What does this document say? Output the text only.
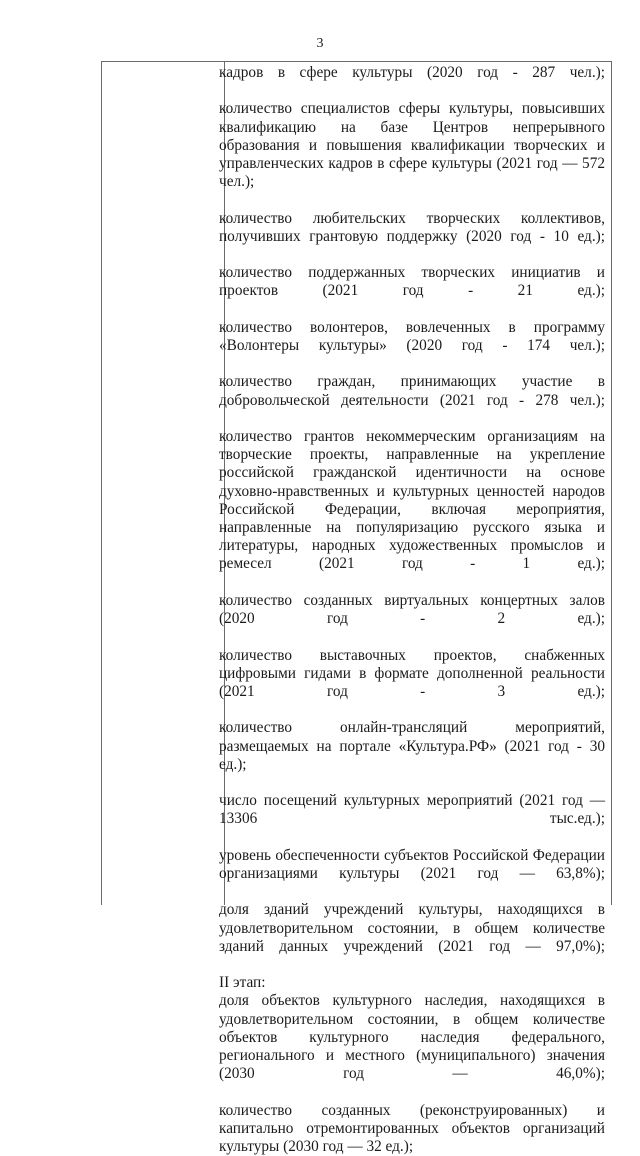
3

кадров в сфере культуры (2020 год - 287 чел.);

количество специалистов сферы культуры, повысивших квалификацию на базе Центров непрерывного образования и повышения квалификации творческих и управленческих кадров в сфере культуры (2021 год — 572 чел.);

количество любительских творческих коллективов, получивших грантовую поддержку (2020 год - 10 ед.);

количество поддержанных творческих инициатив и проектов (2021 год - 21 ед.);

количество волонтеров, вовлеченных в программу «Волонтеры культуры» (2020 год - 174 чел.);

количество граждан, принимающих участие в добровольческой деятельности (2021 год - 278 чел.);

количество грантов некоммерческим организациям на творческие проекты, направленные на укрепление российской гражданской идентичности на основе духовно-нравственных и культурных ценностей народов Российской Федерации, включая мероприятия, направленные на популяризацию русского языка и литературы, народных художественных промыслов и ремесел (2021 год - 1 ед.);

количество созданных виртуальных концертных залов (2020 год - 2 ед.);

количество выставочных проектов, снабженных цифровыми гидами в формате дополненной реальности (2021 год - 3 ед.);

количество онлайн-трансляций мероприятий, размещаемых на портале «Культура.РФ» (2021 год - 30 ед.);

число посещений культурных мероприятий (2021 год — 13306 тыс.ед.);

уровень обеспеченности субъектов Российской Федерации организациями культуры (2021 год — 63,8%);

доля зданий учреждений культуры, находящихся в удовлетворительном состоянии, в общем количестве зданий данных учреждений (2021 год — 97,0%);

II этап:

доля объектов культурного наследия, находящихся в удовлетворительном состоянии, в общем количестве объектов культурного наследия федерального, регионального и местного (муниципального) значения (2030 год — 46,0%);

количество созданных (реконструированных) и капитально отремонтированных объектов организаций культуры (2030 год — 32 ед.);
